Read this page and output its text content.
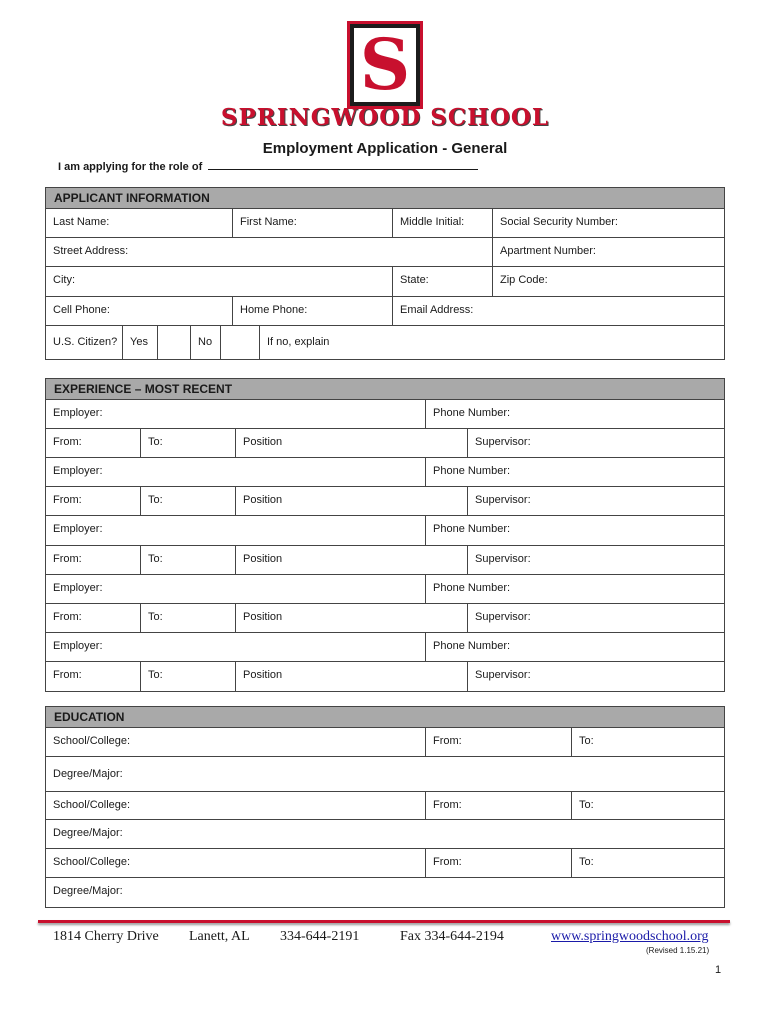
S
SPRINGWOOD SCHOOL
Employment Application - General
I am applying for the role of
APPLICANT INFORMATION
Last Name:	First Name:	Middle Initial:	Social Security Number:
Street Address:	Apartment Number:
City:	State:	Zip Code:
Cell Phone:	Home Phone:	Email Address:
U.S. Citizen?	Yes	No	If no, explain
EXPERIENCE – MOST RECENT
Employer:	Phone Number:
From:	To:	Position	Supervisor:
Employer:	Phone Number:
From:	To:	Position	Supervisor:
Employer:	Phone Number:
From:	To:	Position	Supervisor:
Employer:	Phone Number:
From:	To:	Position	Supervisor:
Employer:	Phone Number:
From:	To:	Position	Supervisor:
EDUCATION
School/College:	From:	To:
Degree/Major:
School/College:	From:	To:
Degree/Major:
School/College:	From:	To:
Degree/Major:
1814 Cherry Drive Lanett, AL 334-644-2191	Fax 334-644-2194	www.springwoodschool.org
(Revised 1.15.21)
1
